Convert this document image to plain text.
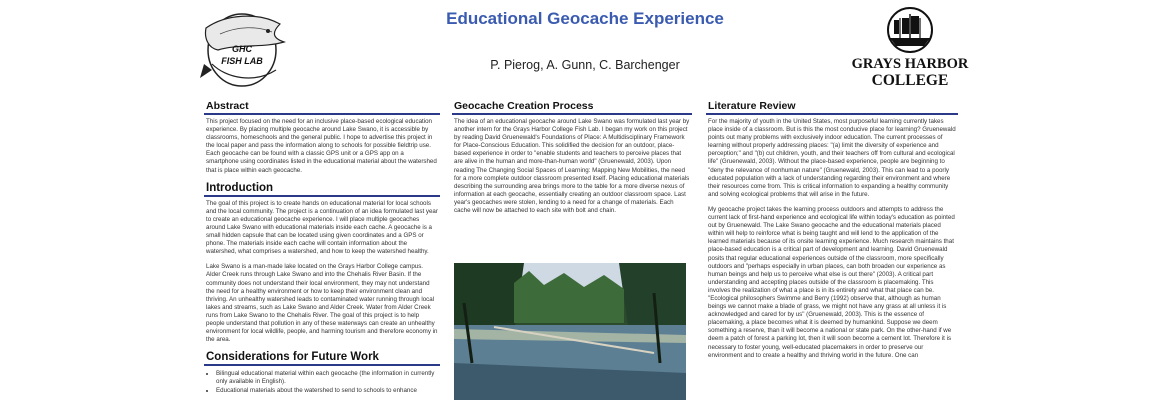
GHC
FISH LAB
Educational Geocache Experience
P. Pierog, A. Gunn, C. Barchenger	GRAYS HARBOR
COLLEGE
Abstract

This project focused on the need for an inclusive place-based ecological education experience. By placing multiple geocache around Lake Swano, it is accessible by classrooms, homeschools and the general public. I hope to advertise this project in the local paper and pass the information along to schools for possible fieldtrip use. Each geocache can be found with a classic GPS unit or a GPS app on a smartphone using coordinates listed in the educational material about the watershed that is place within each geocache.

Introduction

The goal of this project is to create hands on educational material for local schools and the local community. The project is a continuation of an idea formulated last year to create an educational geocache experience. I will place multiple geocaches around Lake Swano with educational materials inside each cache. A geocache is a small hidden capsule that can be located using given coordinates and a GPS or phone. The materials inside each cache will contain information about the watershed, what comprises a watershed, and how to keep the watershed healthy.

Lake Swano is a man-made lake located on the Grays Harbor College campus. Alder Creek runs through Lake Swano and into the Chehalis River Basin. If the community does not understand their local environment, they may not understand the need for a healthy environment or how to keep their environment clean and thriving. An unhealthy watershed leads to contaminated water running through local lakes and streams, such as Lake Swano and Alder Creek. Water from Alder Creek runs from Lake Swano to the Chehalis River. The goal of this project is to help people understand that pollution in any of these waterways can create an unhealthy environment for local wildlife, people, and harming tourism and therefore economy in the area.

Considerations for Future Work
• Bilingual educational material within each geocache (the information in currently only available in English).
• Educational materials about the watershed to send to schools to enhance
Geocache Creation Process

The idea of an educational geocache around Lake Swano was formulated last year by another intern for the Grays Harbor College Fish Lab. I began my work on this project by reading David Gruenewald's Foundations of Place: A Multidisciplinary Framework for Place-Conscious Education. This solidified the decision for an outdoor, place-based experience in order to "enable students and teachers to perceive places that are alive in the human and more-than-human world" (Gruenewald, 2003). Upon reading The Changing Social Spaces of Learning: Mapping New Mobilities, the need for a more complete outdoor classroom presented itself. Placing educational materials describing the surrounding area brings more to the table for a more diverse nexus of information at each geocache, essentially creating an outdoor classroom space. Last year's geocaches were stolen, lending to a need for a change of materials. Each cache will now be attached to each site with bolt and chain.

Literature Review

For the majority of youth in the United States, most purposeful learning currently takes place inside of a classroom. But is this the most conducive place for learning? Gruenewald points out many problems with exclusively indoor education. The current processes of learning without properly addressing places: "(a) limit the diversity of experience and perception;" and "(b) cut children, youth, and their teachers off from cultural and ecological life" (Gruenewald, 2003). Without the place-based experience, people are beginning to "deny the relevance of nonhuman nature" (Gruenewald, 2003). This can lead to a poorly educated population with a lack of understanding regarding their environment and where their resources come from. This is critical information to expanding a healthy community and solving ecological problems that will arise in the future.

My geocache project takes the learning process outdoors and attempts to address the current lack of first-hand experience and ecological life within today's education as pointed out by Gruenewald. The Lake Swano geocache and the educational materials placed within will help to reinforce what is being taught and will lend to the application of the learned materials because of its onsite learning experience. Much research maintains that place-based education is a critical part of development and learning. David Gruenewald posits that regular educational experiences outside of the classroom, more specifically outdoors and "perhaps especially in urban places, can both broaden our experience as human beings and help us to perceive what else is out there" (2003). A critical part understanding and accepting places outside of the classroom is placemaking. This involves the realization of what a place is in its entirety and what that place can be. "Ecological philosophers Swimme and Berry (1992) observe that, although as human beings we cannot make a blade of grass, we might not have any grass at all unless it is acknowledged and cared for by us" (Gruenewald, 2003). This is the essence of placemaking, a place becomes what it is deemed by humankind. Suppose we deem something a reserve, than it will become a national or state park. On the other-hand if we deem a patch of forest a parking lot, then it will soon become a cement lot. Therefore it is necessary to foster young, well-educated placemakers in order to preserve our environment and to create a healthy and thriving world in the future. One can
